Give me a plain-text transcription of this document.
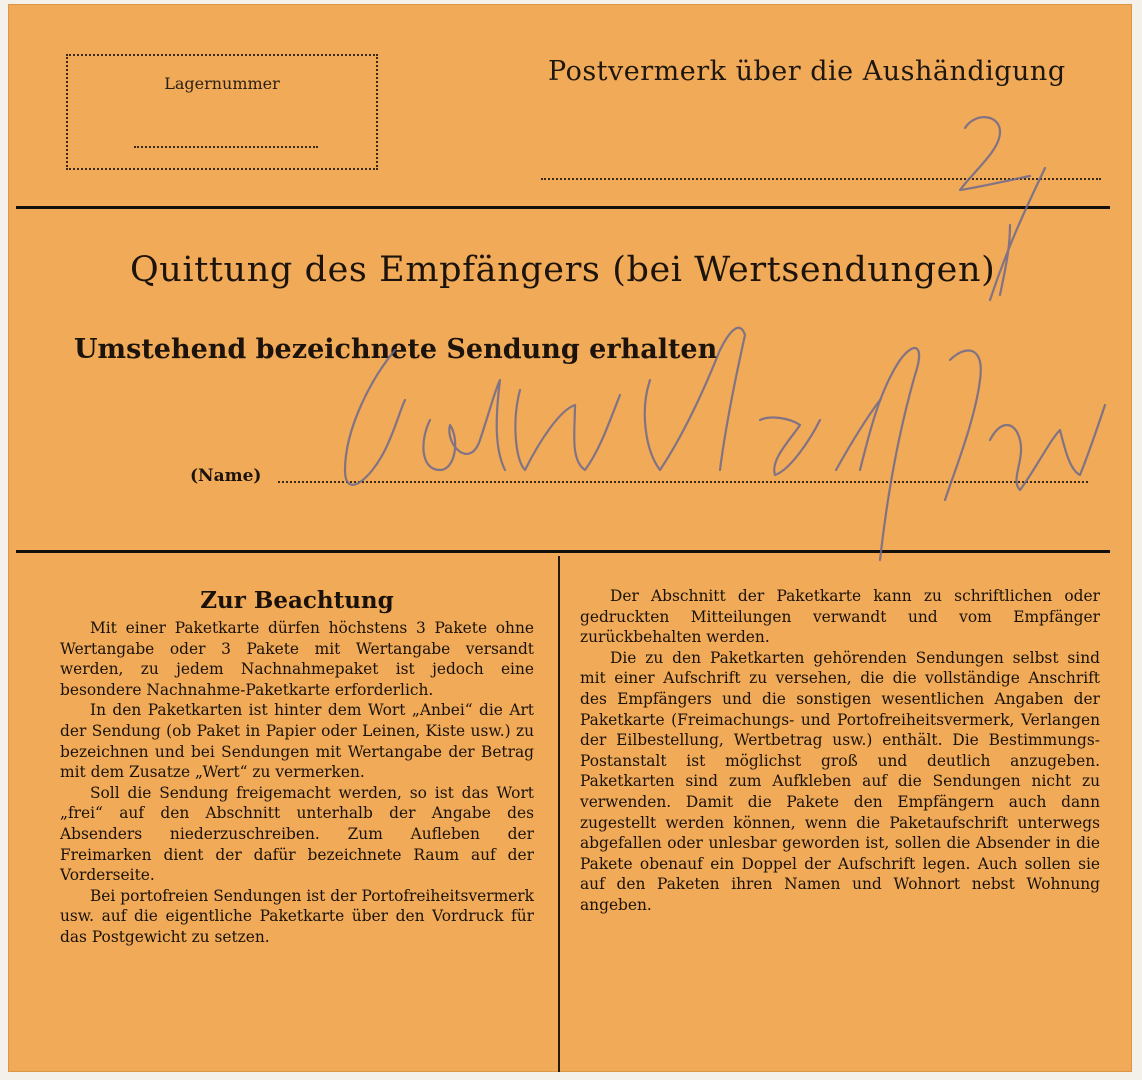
Lagernummer	Postvermerk über die Aushändigung
Quittung des Empfängers (bei Wertsendungen)
Umstehend bezeichnete Sendung erhalten
(Name)

Zur Beachtung

Mit einer Paketkarte dürfen höchstens 3 Pakete ohne Wertangabe oder 3 Pakete mit Wertangabe versandt werden, zu jedem Nachnahmepaket ist jedoch eine besondere Nachnahme-Paketkarte erforderlich.

In den Paketkarten ist hinter dem Wort „Anbei“ die Art der Sendung (ob Paket in Papier oder Leinen, Kiste usw.) zu bezeichnen und bei Sendungen mit Wertangabe der Betrag mit dem Zusatze „Wert“ zu vermerken.

Soll die Sendung freigemacht werden, so ist das Wort „frei“ auf den Abschnitt unterhalb der Angabe des Absenders niederzuschreiben. Zum Aufleben der Freimarken dient der dafür bezeichnete Raum auf der Vorderseite.

Bei portofreien Sendungen ist der Portofreiheitsvermerk usw. auf die eigentliche Paketkarte über den Vordruck für das Postgewicht zu setzen.

Der Abschnitt der Paketkarte kann zu schriftlichen oder gedruckten Mitteilungen verwandt und vom Empfänger zurückbehalten werden.

Die zu den Paketkarten gehörenden Sendungen selbst sind mit einer Aufschrift zu versehen, die die vollständige Anschrift des Empfängers und die sonstigen wesentlichen Angaben der Paketkarte (Freimachungs- und Portofreiheitsvermerk, Verlangen der Eilbestellung, Wertbetrag usw.) enthält. Die Bestimmungs-Postanstalt ist möglichst groß und deutlich anzugeben. Paketkarten sind zum Aufkleben auf die Sendungen nicht zu verwenden. Damit die Pakete den Empfängern auch dann zugestellt werden können, wenn die Paketaufschrift unterwegs abgefallen oder unlesbar geworden ist, sollen die Absender in die Pakete obenauf ein Doppel der Aufschrift legen. Auch sollen sie auf den Paketen ihren Namen und Wohnort nebst Wohnung angeben.
